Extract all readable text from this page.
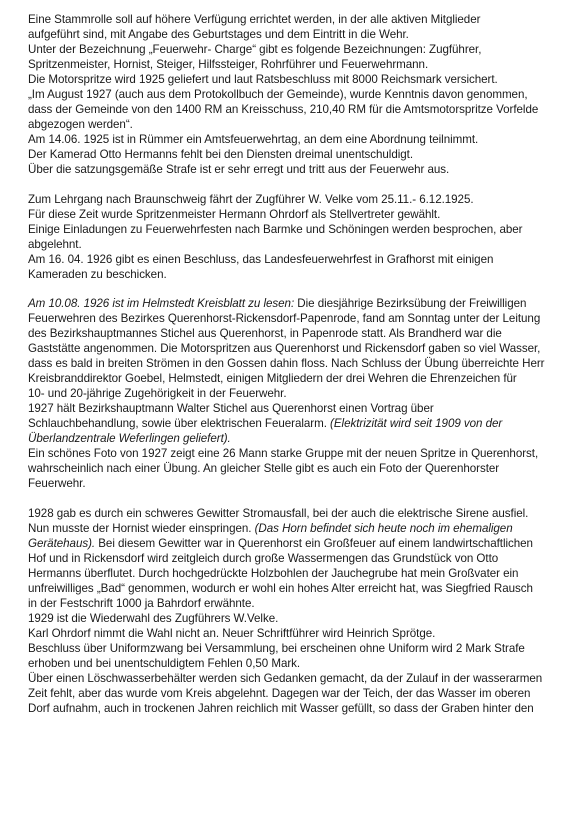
Eine Stammrolle soll auf höhere Verfügung errichtet werden, in der alle aktiven Mitglieder
aufgeführt sind, mit Angabe des Geburtstages und dem Eintritt in die Wehr.
Unter der Bezeichnung „Feuerwehr- Charge“ gibt es folgende Bezeichnungen: Zugführer,
Spritzenmeister, Hornist, Steiger, Hilfssteiger, Rohrführer und Feuerwehrmann.
Die Motorspritze wird 1925 geliefert und laut Ratsbeschluss mit 8000 Reichsmark versichert.
„Im August 1927 (auch aus dem Protokollbuch der Gemeinde), wurde Kenntnis davon genommen,
dass der Gemeinde von den 1400 RM an Kreisschuss, 210,40 RM für die Amtsmotorspritze Vorfelde
abgezogen werden“.
Am 14.06. 1925 ist in Rümmer ein Amtsfeuerwehrtag, an dem eine Abordnung teilnimmt.
Der Kamerad Otto Hermanns fehlt bei den Diensten dreimal unentschuldigt.
Über die satzungsgemäße Strafe ist er sehr erregt und tritt aus der Feuerwehr aus.
Zum Lehrgang nach Braunschweig fährt der Zugführer W. Velke vom 25.11.- 6.12.1925.
Für diese Zeit wurde Spritzenmeister Hermann Ohrdorf als Stellvertreter gewählt.
Einige Einladungen zu Feuerwehrfesten nach Barmke und Schöningen werden besprochen, aber
abgelehnt.
Am 16. 04. 1926 gibt es einen Beschluss, das Landesfeuerwehrfest in Grafhorst mit einigen
Kameraden zu beschicken.
Am 10.08. 1926 ist im Helmstedt Kreisblatt zu lesen: Die diesjährige Bezirksübung der Freiwilligen
Feuerwehren des Bezirkes Querenhorst-Rickensdorf-Papenrode, fand am Sonntag unter der Leitung
des Bezirkshauptmannes Stichel aus Querenhorst, in Papenrode statt. Als Brandherd war die
Gaststätte angenommen. Die Motorspritzen aus Querenhorst und Rickensdorf gaben so viel Wasser,
dass es bald in breiten Strömen in den Gossen dahin floss. Nach Schluss der Übung überreichte Herr
Kreisbranddirektor Goebel, Helmstedt, einigen Mitgliedern der drei Wehren die Ehrenzeichen für
10- und 20-jährige Zugehörigkeit in der Feuerwehr.
1927 hält Bezirkshauptmann Walter Stichel aus Querenhorst einen Vortrag über
Schlauchbehandlung, sowie über elektrischen Feueralarm. (Elektrizität wird seit 1909 von der
Überlandzentrale Weferlingen geliefert).
Ein schönes Foto von 1927 zeigt eine 26 Mann starke Gruppe mit der neuen Spritze in Querenhorst,
wahrscheinlich nach einer Übung. An gleicher Stelle gibt es auch ein Foto der Querenhorster
Feuerwehr.
1928 gab es durch ein schweres Gewitter Stromausfall, bei der auch die elektrische Sirene ausfiel.
Nun musste der Hornist wieder einspringen. (Das Horn befindet sich heute noch im ehemaligen
Gerätehaus). Bei diesem Gewitter war in Querenhorst ein Großfeuer auf einem landwirtschaftlichen
Hof und in Rickensdorf wird zeitgleich durch große Wassermengen das Grundstück von Otto
Hermanns überflutet. Durch hochgedrückte Holzbohlen der Jauchegrube hat mein Großvater ein
unfreiwilliges „Bad“ genommen, wodurch er wohl ein hohes Alter erreicht hat, was Siegfried Rausch
in der Festschrift 1000 ja Bahrdorf erwähnte.
1929 ist die Wiederwahl des Zugführers W.Velke.
Karl Ohrdorf nimmt die Wahl nicht an. Neuer Schriftführer wird Heinrich Sprötge.
Beschluss über Uniformzwang bei Versammlung, bei erscheinen ohne Uniform wird 2 Mark Strafe
erhoben und bei unentschuldigtem Fehlen 0,50 Mark.
Über einen Löschwasserbehälter werden sich Gedanken gemacht, da der Zulauf in der wasserarmen
Zeit fehlt, aber das wurde vom Kreis abgelehnt. Dagegen war der Teich, der das Wasser im oberen
Dorf aufnahm, auch in trockenen Jahren reichlich mit Wasser gefüllt, so dass der Graben hinter den
